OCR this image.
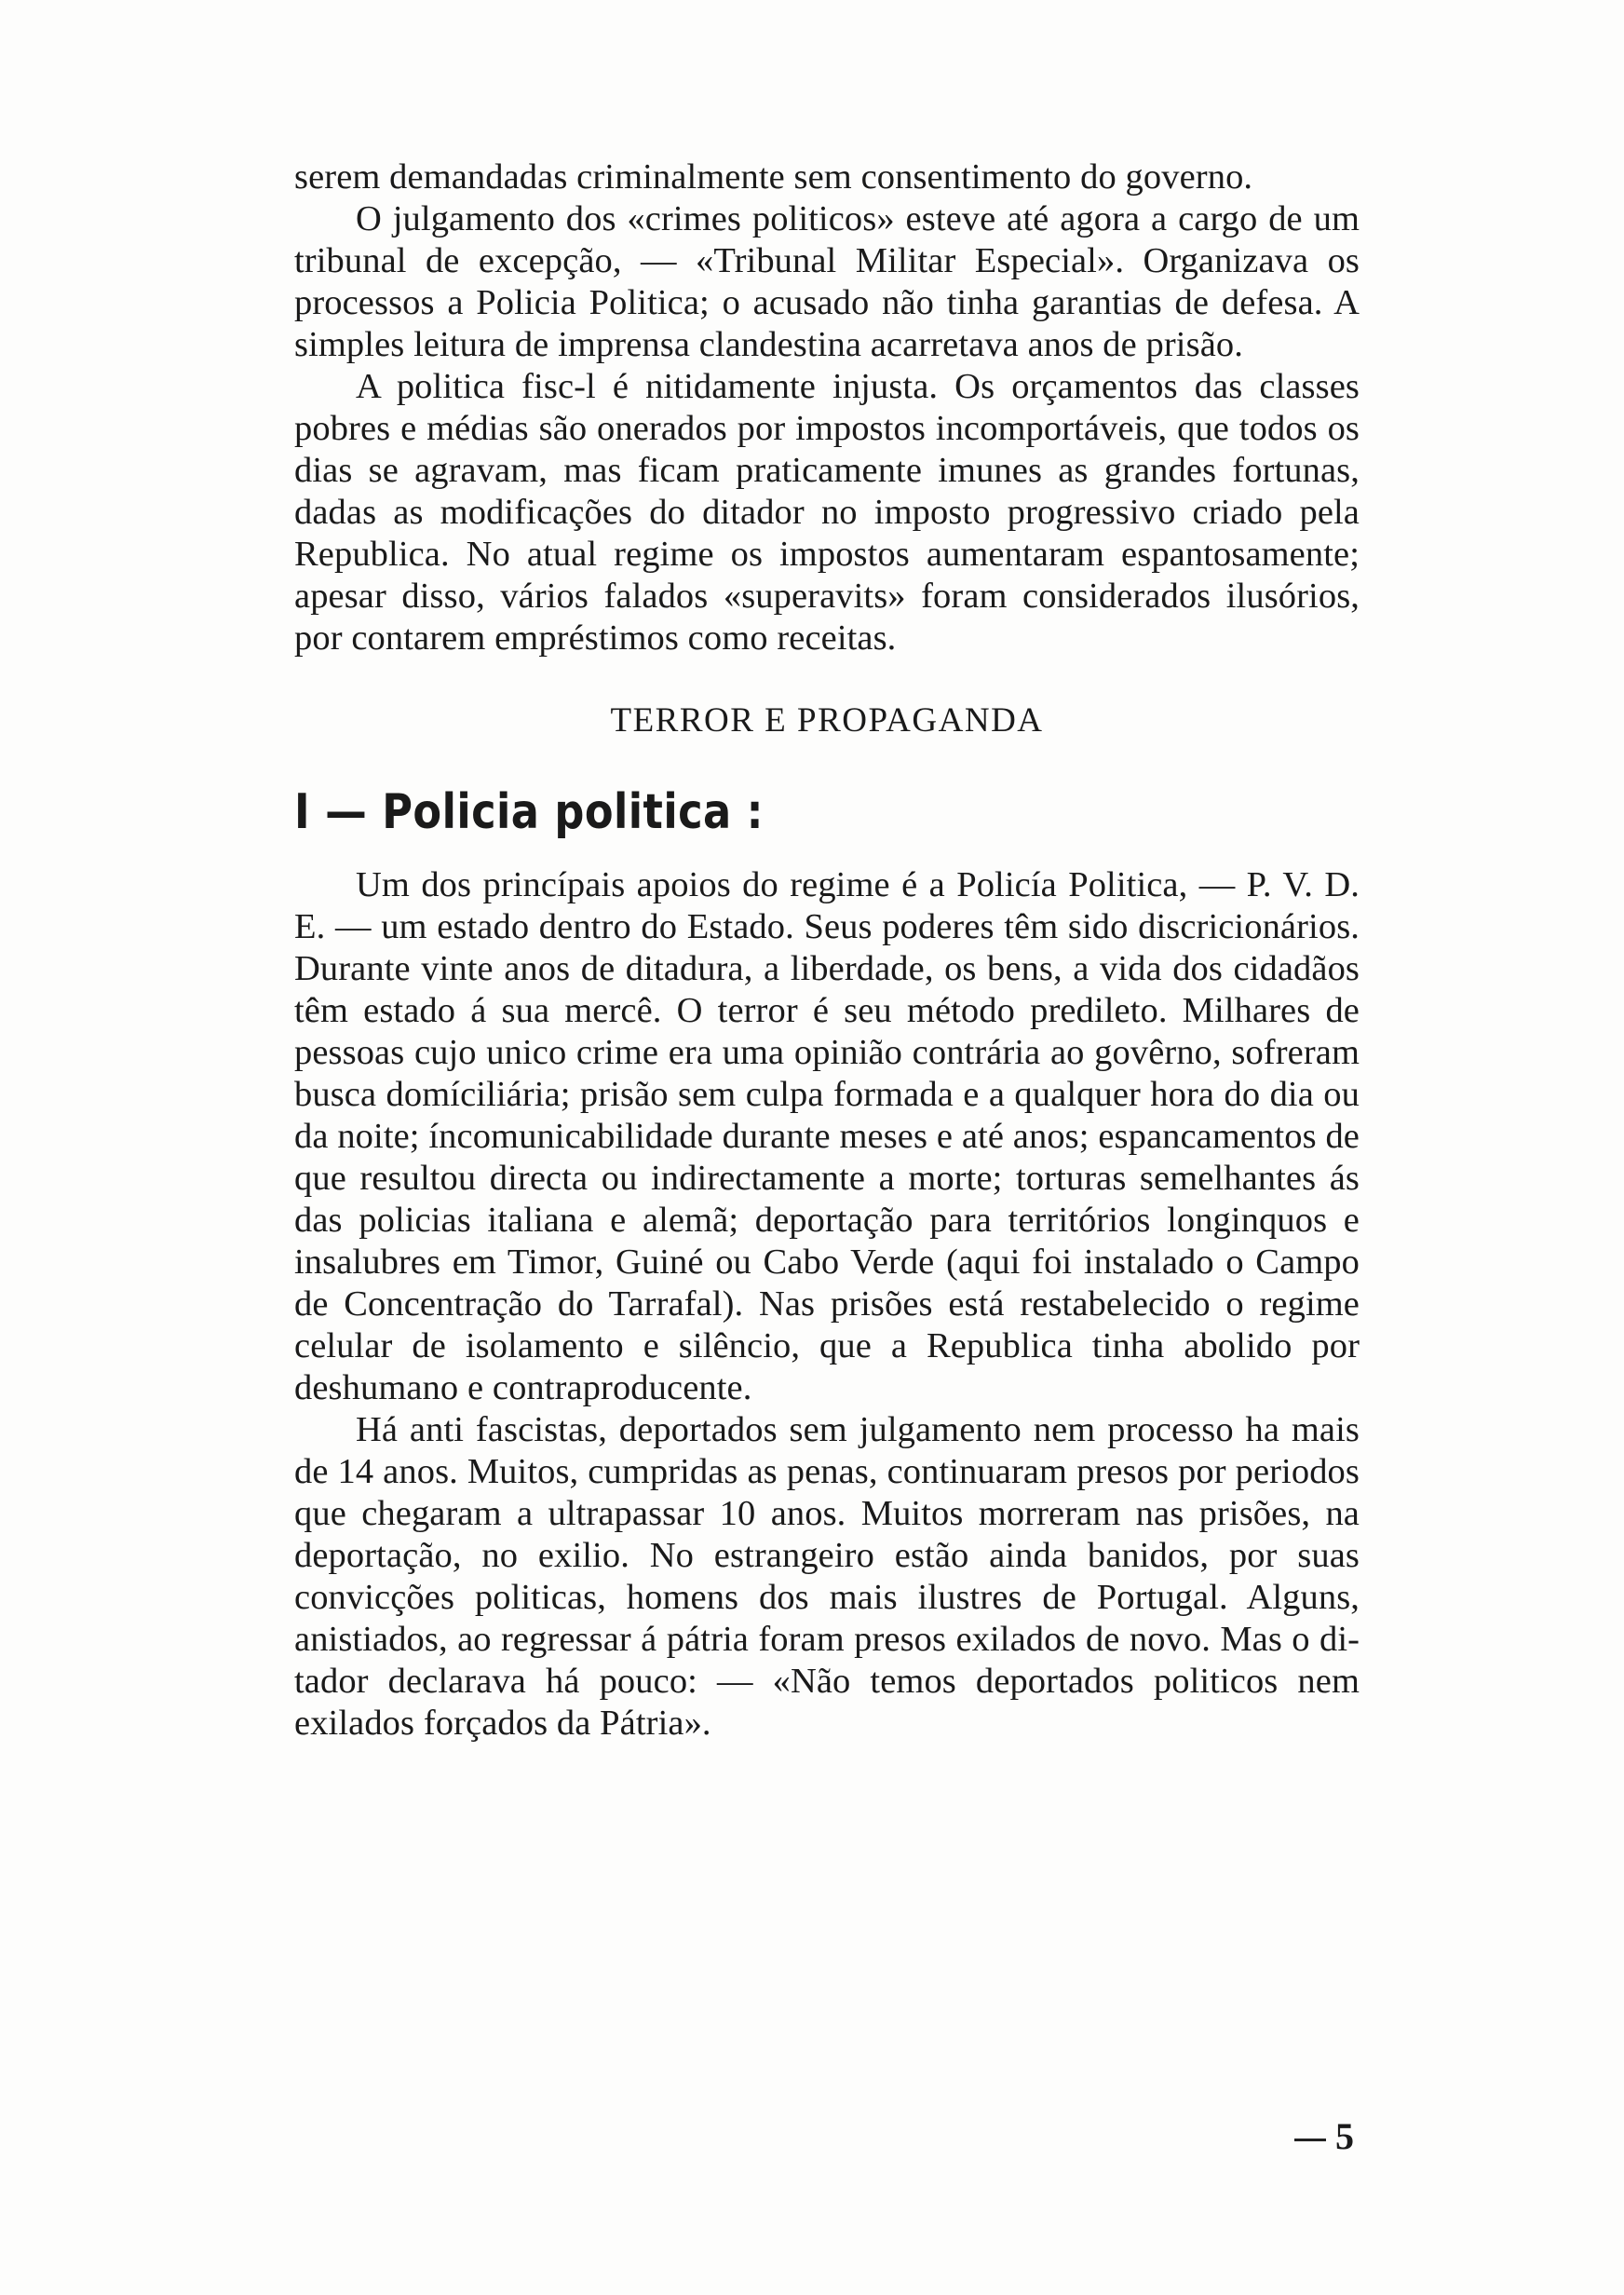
serem demandadas criminalmente sem consentimento do governo.

O julgamento dos «crimes politicos» esteve até agora a cargo de um tribunal de excepção, — «Tribunal Militar Especial». Organizava os processos a Policia Politica; o acusado não tinha garantias de defesa. A simples leitura de imprensa clandestina acarretava anos de prisão.

A politica fisc-l é nitidamente injusta. Os orçamentos das classes pobres e médias são onerados por impostos incomportáveis, que todos os dias se agravam, mas ficam praticamente imunes as grandes fortunas, dadas as modificações do ditador no imposto progressivo criado pela Republica. No atual regime os impostos aumentaram espantosamente; apesar disso, vários falados «superavits» foram considerados ilusórios, por contarem empréstimos como receitas.

TERROR E PROPAGANDA
I — Policia politica :

Um dos princípais apoios do regime é a Policía Politica, — P. V. D. E. — um estado dentro do Estado. Seus poderes têm sido discricionários. Durante vinte anos de ditadura, a liberdade, os bens, a vida dos cidadãos têm estado á sua mercê. O terror é seu método predileto. Milhares de pessoas cujo unico crime era uma opinião contrária ao govêrno, sofreram busca domíciliária; prisão sem culpa formada e a qualquer hora do dia ou da noite; íncomunicabilidade durante meses e até anos; espancamentos de que resultou directa ou indirectamente a morte; torturas semelhantes ás das policias italiana e alemã; deportação para territórios longinquos e insalubres em Timor, Guiné ou Cabo Verde (aqui foi instalado o Campo de Concentração do Tarrafal). Nas prisões está restabelecido o regime celular de isolamento e silêncio, que a Republica tinha abolido por deshumano e contraproducente.

Há anti fascistas, deportados sem julgamento nem processo ha mais de 14 anos. Muitos, cumpridas as penas, continuaram presos por periodos que chegaram a ultrapassar 10 anos. Muitos morreram nas prisões, na deportação, no exilio. No estrangeiro estão ainda banidos, por suas convicções politicas, homens dos mais ilustres de Portugal. Alguns, anistiados, ao regressar á pátria foram presos exilados de novo. Mas o ditador declarava há pouco: — «Não temos deportados politicos nem exilados forçados da Pátria».

5
